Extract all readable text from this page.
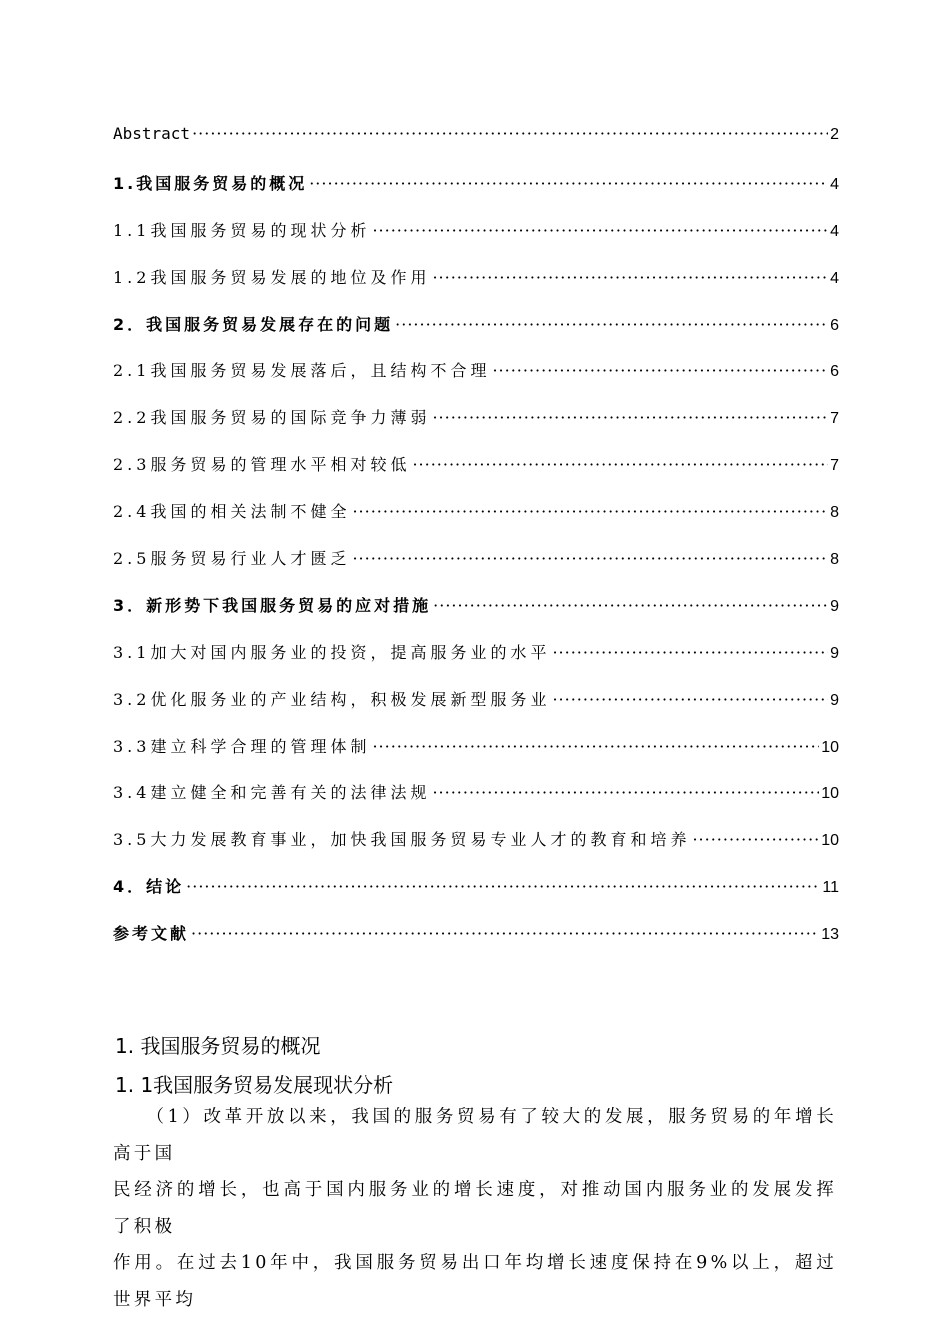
Abstract ·····	2
1.我国服务贸易的概况 ·····	4
1.1我国服务贸易的现状分析 ·····	4
1.2我国服务贸易发展的地位及作用 ·····	4
2．我国服务贸易发展存在的问题 ·····	6
2.1我国服务贸易发展落后，且结构不合理 ·····	6
2.2我国服务贸易的国际竞争力薄弱 ·····	7
2.3服务贸易的管理水平相对较低 ·····	7
2.4我国的相关法制不健全 ·····	8
2.5服务贸易行业人才匮乏 ·····	8
3．新形势下我国服务贸易的应对措施 ·····	9
3.1加大对国内服务业的投资，提高服务业的水平 ·····	9
3.2优化服务业的产业结构，积极发展新型服务业 ·····	9
3.3建立科学合理的管理体制 ·····	10
3.4建立健全和完善有关的法律法规 ·····	10
3.5大力发展教育事业，加快我国服务贸易专业人才的教育和培养 ·····	10
4．结论 ·····	11
参考文献 ·····	13
1. 我国服务贸易的概况
1. 1我国服务贸易发展现状分析
　　（1）改革开放以来，我国的服务贸易有了较大的发展，服务贸易的年增长高于国
民经济的增长，也高于国内服务业的增长速度，对推动国内服务业的发展发挥了积极
作用。在过去10年中，我国服务贸易出口年均增长速度保持在9%以上，超过世界平均
